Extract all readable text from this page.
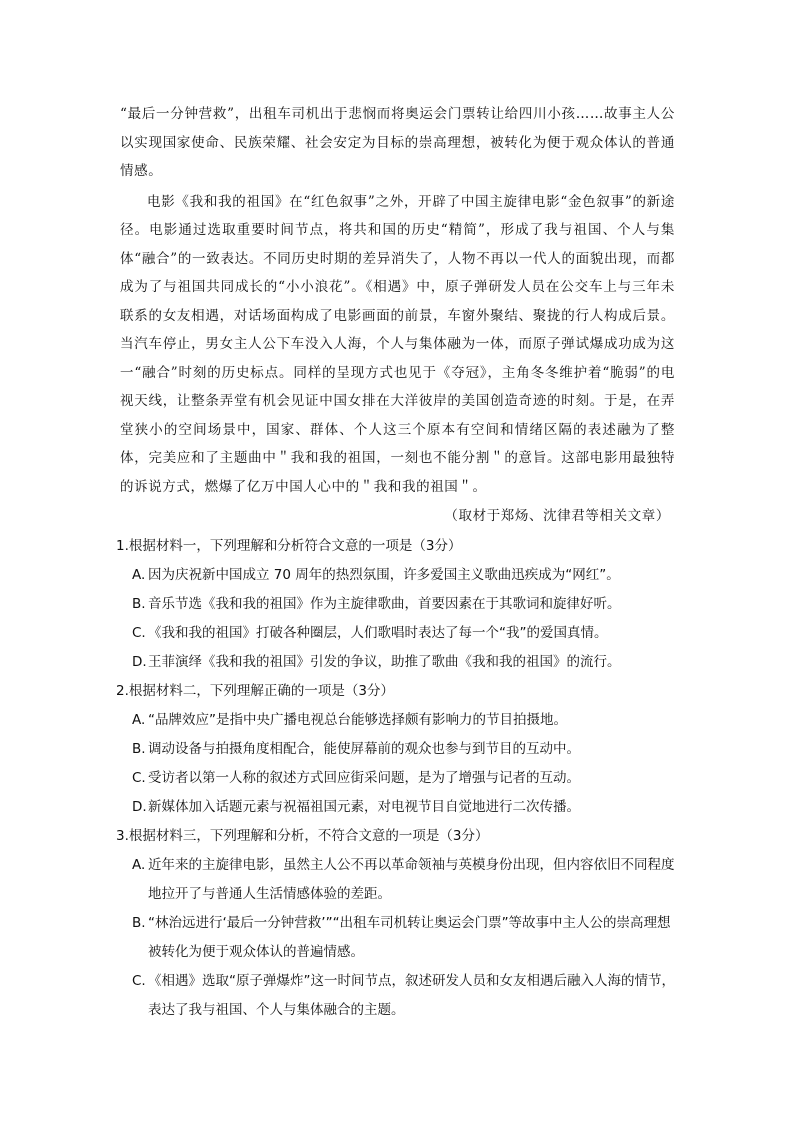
“最后一分钟营救”，出租车司机出于悲悯而将奥运会门票转让给四川小孩……故事主人公以实现国家使命、民族荣耀、社会安定为目标的崇高理想，被转化为便于观众体认的普通情感。

电影《我和我的祖国》在“红色叙事”之外，开辟了中国主旋律电影“金色叙事”的新途径。电影通过选取重要时间节点，将共和国的历史“精简”，形成了我与祖国、个人与集体“融合”的一致表达。不同历史时期的差异消失了，人物不再以一代人的面貌出现，而都成为了与祖国共同成长的“小小浪花”。《相遇》中，原子弹研发人员在公交车上与三年未联系的女友相遇，对话场面构成了电影画面的前景，车窗外聚结、聚拢的行人构成后景。当汽车停止，男女主人公下车没入人海，个人与集体融为一体，而原子弹试爆成功成为这一“融合”时刻的历史标点。同样的呈现方式也见于《夺冠》，主角冬冬维护着“脆弱”的电视天线，让整条弄堂有机会见证中国女排在大洋彼岸的美国创造奇迹的时刻。于是，在弄堂狭小的空间场景中，国家、群体、个人这三个原本有空间和情绪区隔的表述融为了整体，完美应和了主题曲中＂我和我的祖国，一刻也不能分割＂的意旨。这部电影用最独特的诉说方式，燃爆了亿万中国人心中的＂我和我的祖国＂。

（取材于郑炀、沈律君等相关文章）

1.根据材料一，下列理解和分析符合文意的一项是（3分）

A. 因为庆祝新中国成立 70 周年的热烈氛围，许多爱国主义歌曲迅疾成为“网红”。

B. 音乐节选《我和我的祖国》作为主旋律歌曲，首要因素在于其歌词和旋律好听。

C. 《我和我的祖国》打破各种圈层，人们歌唱时表达了每一个“我”的爱国真情。

D.王菲演绎《我和我的祖国》引发的争议，助推了歌曲《我和我的祖国》的流行。

2.根据材料二，下列理解正确的一项是（3分）

A. “品牌效应”是指中央广播电视总台能够选择颇有影响力的节目拍摄地。

B. 调动设备与拍摄角度相配合，能使屏幕前的观众也参与到节目的互动中。

C. 受访者以第一人称的叙述方式回应街采问题，是为了增强与记者的互动。

D.新媒体加入话题元素与祝福祖国元素，对电视节目自觉地进行二次传播。

3.根据材料三，下列理解和分析，不符合文意的一项是（3分）

A. 近年来的主旋律电影，虽然主人公不再以革命领袖与英模身份出现，但内容依旧不同程度地拉开了与普通人生活情感体验的差距。

B. “林治远进行‘最后一分钟营救’”“出租车司机转让奥运会门票”等故事中主人公的崇高理想被转化为便于观众体认的普遍情感。

C. 《相遇》选取“原子弹爆炸”这一时间节点，叙述研发人员和女友相遇后融入人海的情节，表达了我与祖国、个人与集体融合的主题。
